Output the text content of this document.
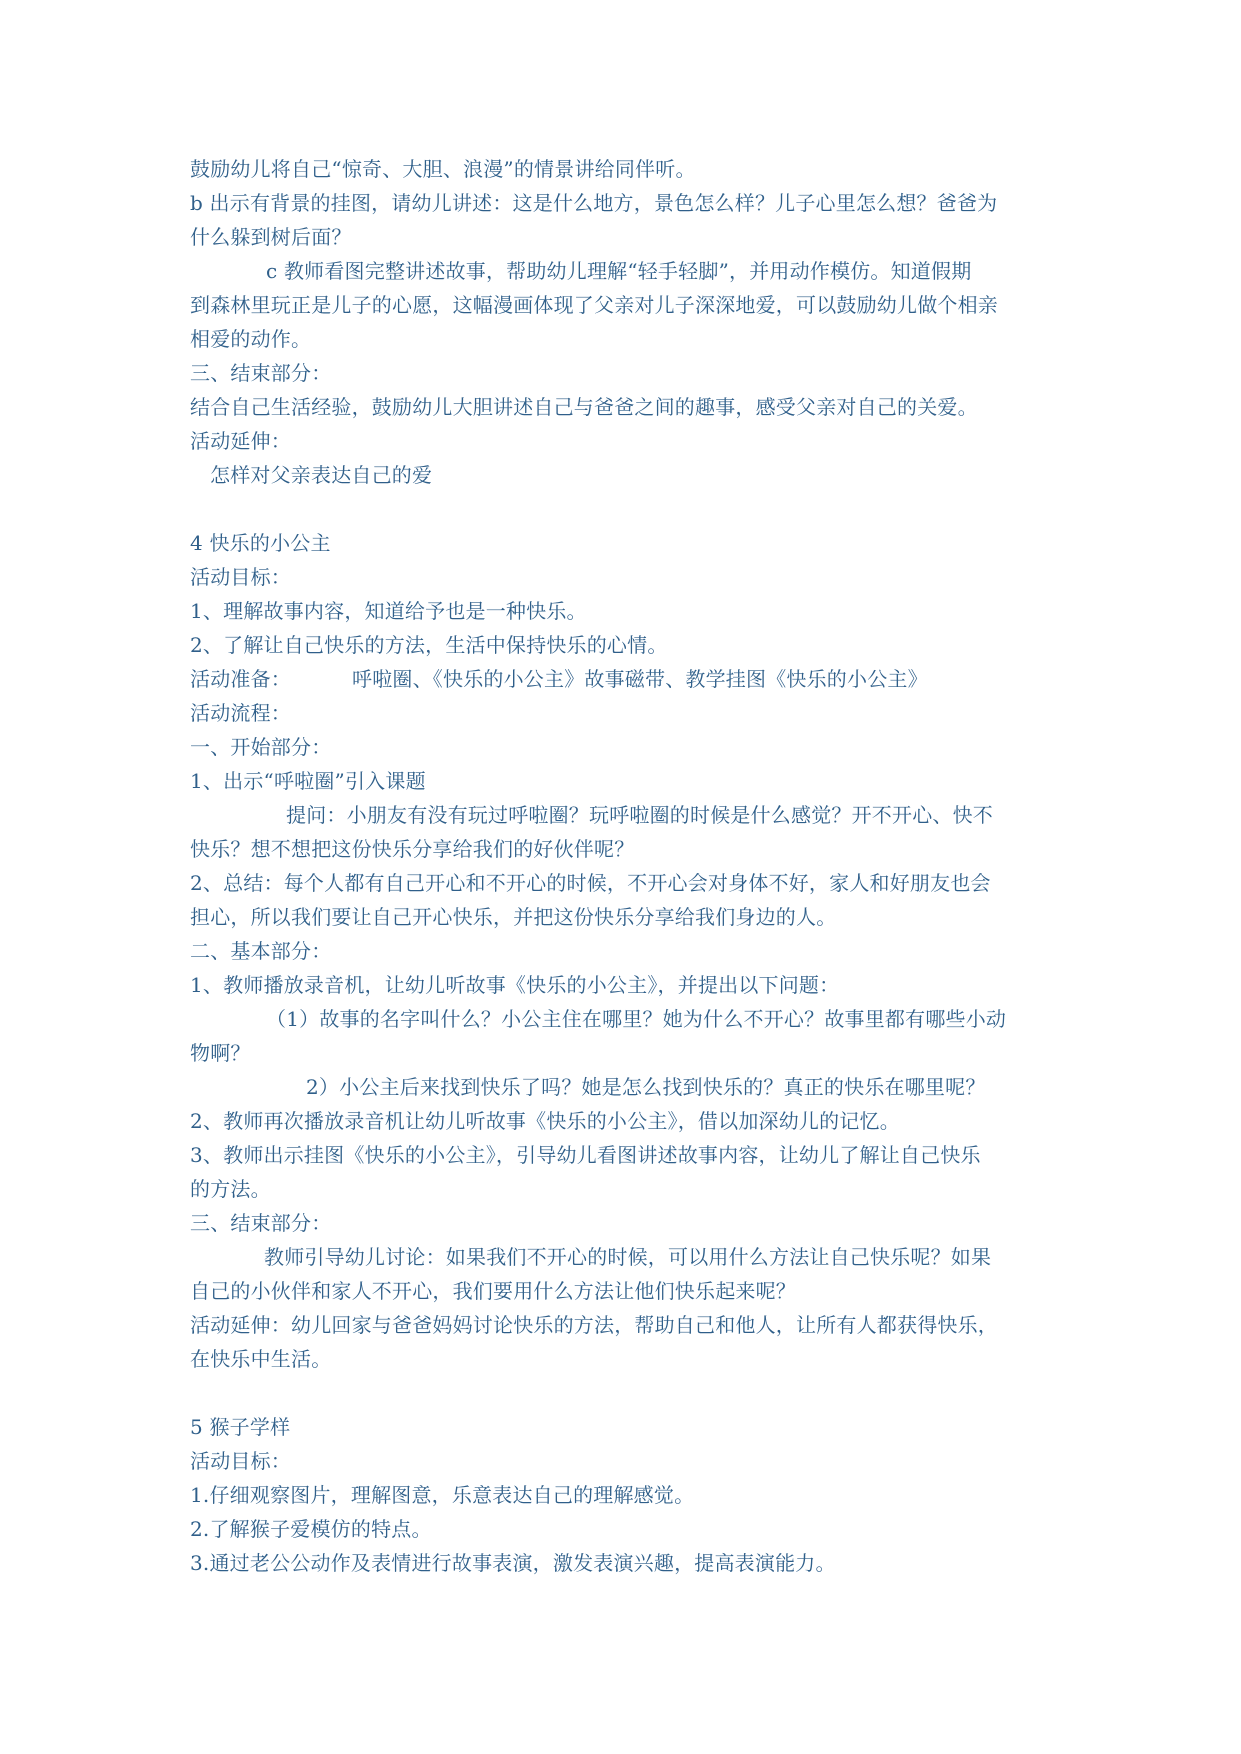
鼓励幼儿将自己“惊奇、大胆、浪漫”的情景讲给同伴听。
b 出示有背景的挂图，请幼儿讲述：这是什么地方，景色怎么样？儿子心里怎么想？爸爸为
什么躲到树后面？
c 教师看图完整讲述故事，帮助幼儿理解“轻手轻脚”，并用动作模仿。知道假期
到森林里玩正是儿子的心愿，这幅漫画体现了父亲对儿子深深地爱，可以鼓励幼儿做个相亲
相爱的动作。
三、结束部分：
结合自己生活经验，鼓励幼儿大胆讲述自己与爸爸之间的趣事，感受父亲对自己的关爱。
活动延伸：
怎样对父亲表达自己的爱
4 快乐的小公主
活动目标：
1、理解故事内容，知道给予也是一种快乐。
2、了解让自己快乐的方法，生活中保持快乐的心情。
活动准备：	呼啦圈、《快乐的小公主》故事磁带、教学挂图《快乐的小公主》
活动流程：
一、开始部分：
1、出示“呼啦圈”引入课题
提问：小朋友有没有玩过呼啦圈？玩呼啦圈的时候是什么感觉？开不开心、快不
快乐？想不想把这份快乐分享给我们的好伙伴呢？
2、总结：每个人都有自己开心和不开心的时候，不开心会对身体不好，家人和好朋友也会
担心，所以我们要让自己开心快乐，并把这份快乐分享给我们身边的人。
二、基本部分：
1、教师播放录音机，让幼儿听故事《快乐的小公主》，并提出以下问题：
（1）故事的名字叫什么？小公主住在哪里？她为什么不开心？故事里都有哪些小动
物啊？
2）小公主后来找到快乐了吗？她是怎么找到快乐的？真正的快乐在哪里呢？
2、教师再次播放录音机让幼儿听故事《快乐的小公主》，借以加深幼儿的记忆。
3、教师出示挂图《快乐的小公主》，引导幼儿看图讲述故事内容，让幼儿了解让自己快乐
的方法。
三、结束部分：
教师引导幼儿讨论：如果我们不开心的时候，可以用什么方法让自己快乐呢？如果
自己的小伙伴和家人不开心，我们要用什么方法让他们快乐起来呢？
活动延伸：幼儿回家与爸爸妈妈讨论快乐的方法，帮助自己和他人，让所有人都获得快乐，
在快乐中生活。
5 猴子学样
活动目标：
1.仔细观察图片，理解图意，乐意表达自己的理解感觉。
2.了解猴子爱模仿的特点。
3.通过老公公动作及表情进行故事表演，激发表演兴趣，提高表演能力。
